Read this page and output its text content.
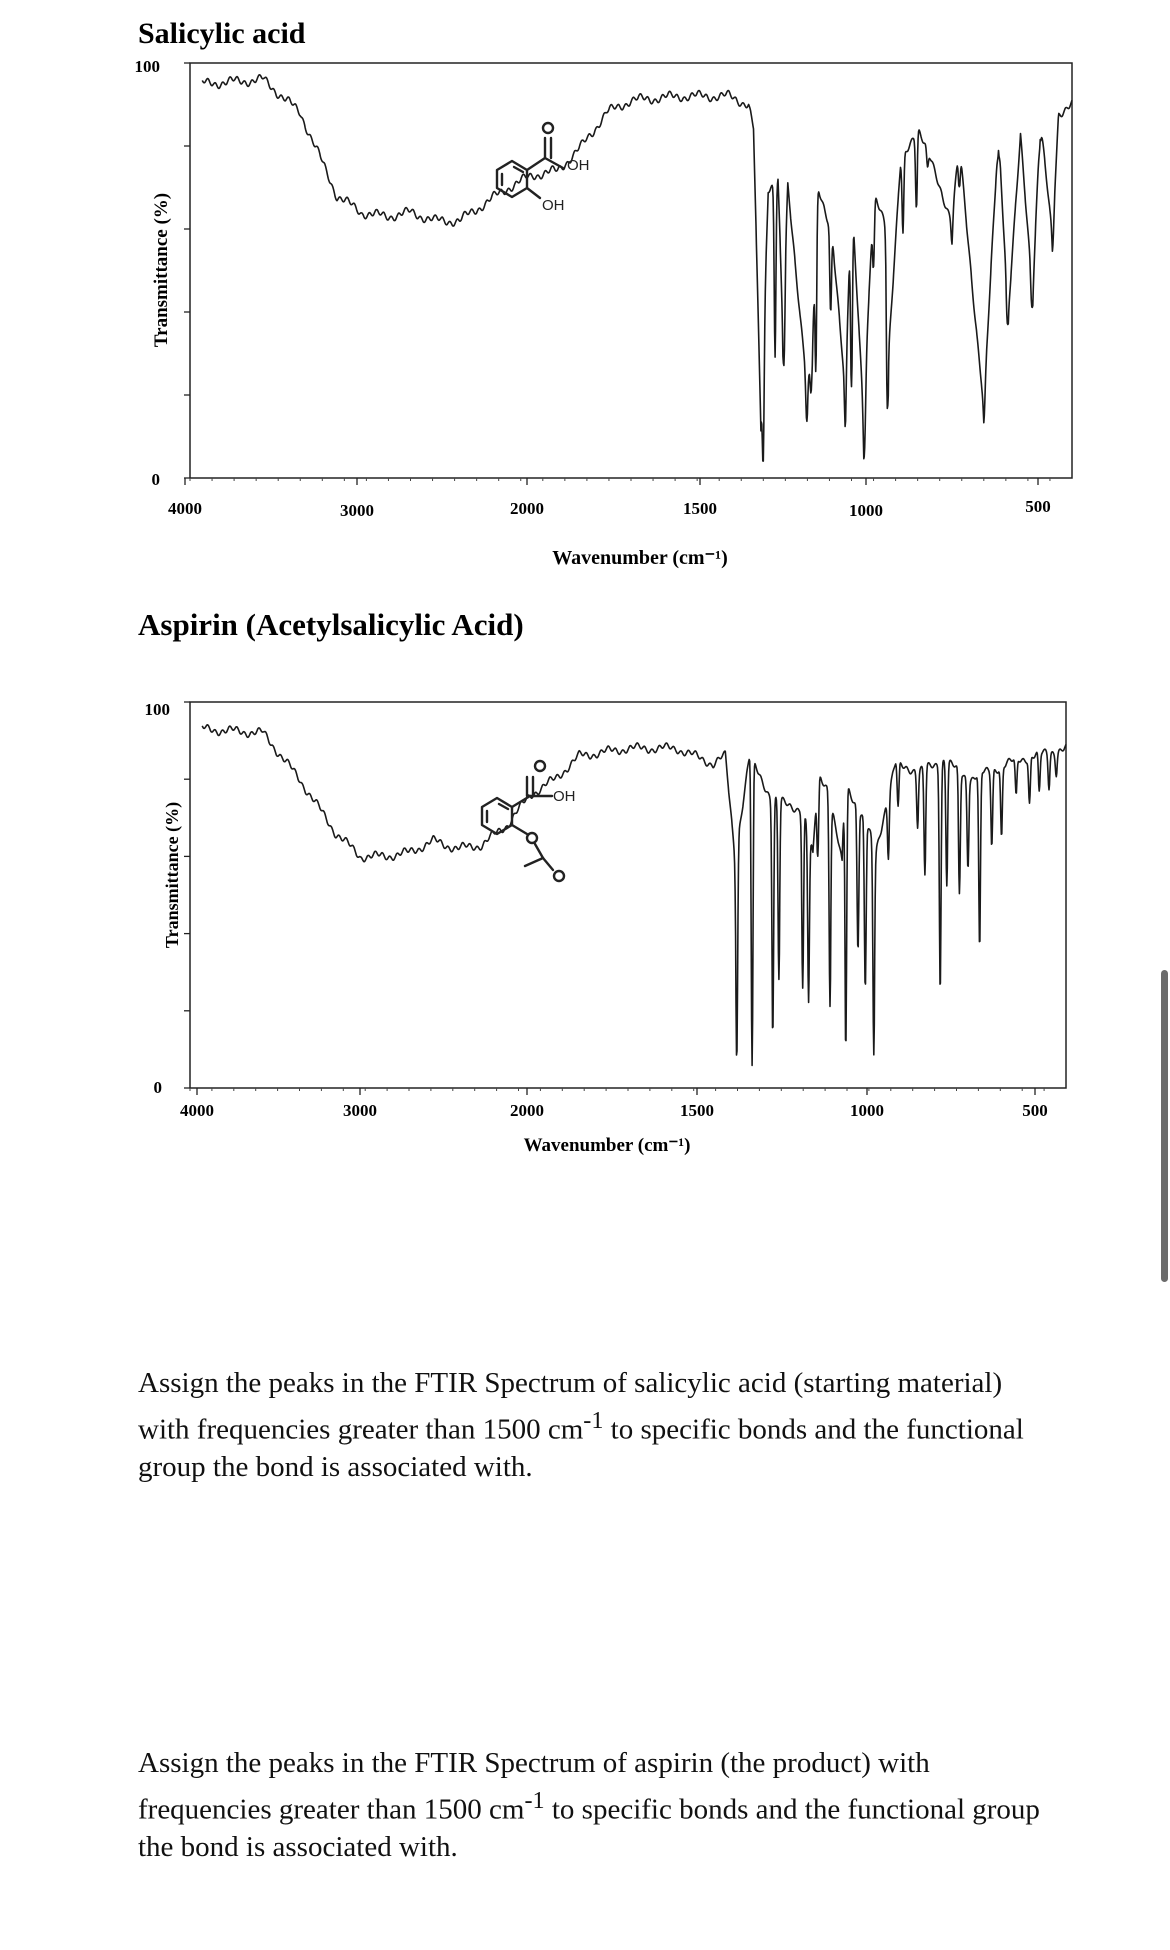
Salicylic acid
100
0
Transmittance (%)
4000	3000	2000	1500	1000	500
Wavenumber (cm⁻¹)
OH
OH
Aspirin (Acetylsalicylic Acid)
100
0
Transmittance (%)
4000	3000	2000	1500	1000	500
Wavenumber (cm⁻¹)
OH
Assign the peaks in the FTIR Spectrum of salicylic acid (starting material) with frequencies greater than 1500 $cm^{-1}$ to specific bonds and the functional group the bond is associated with.
Assign the peaks in the FTIR Spectrum of aspirin (the product) with frequencies greater than 1500 $cm^{-1}$ to specific bonds and the functional group the bond is associated with.
